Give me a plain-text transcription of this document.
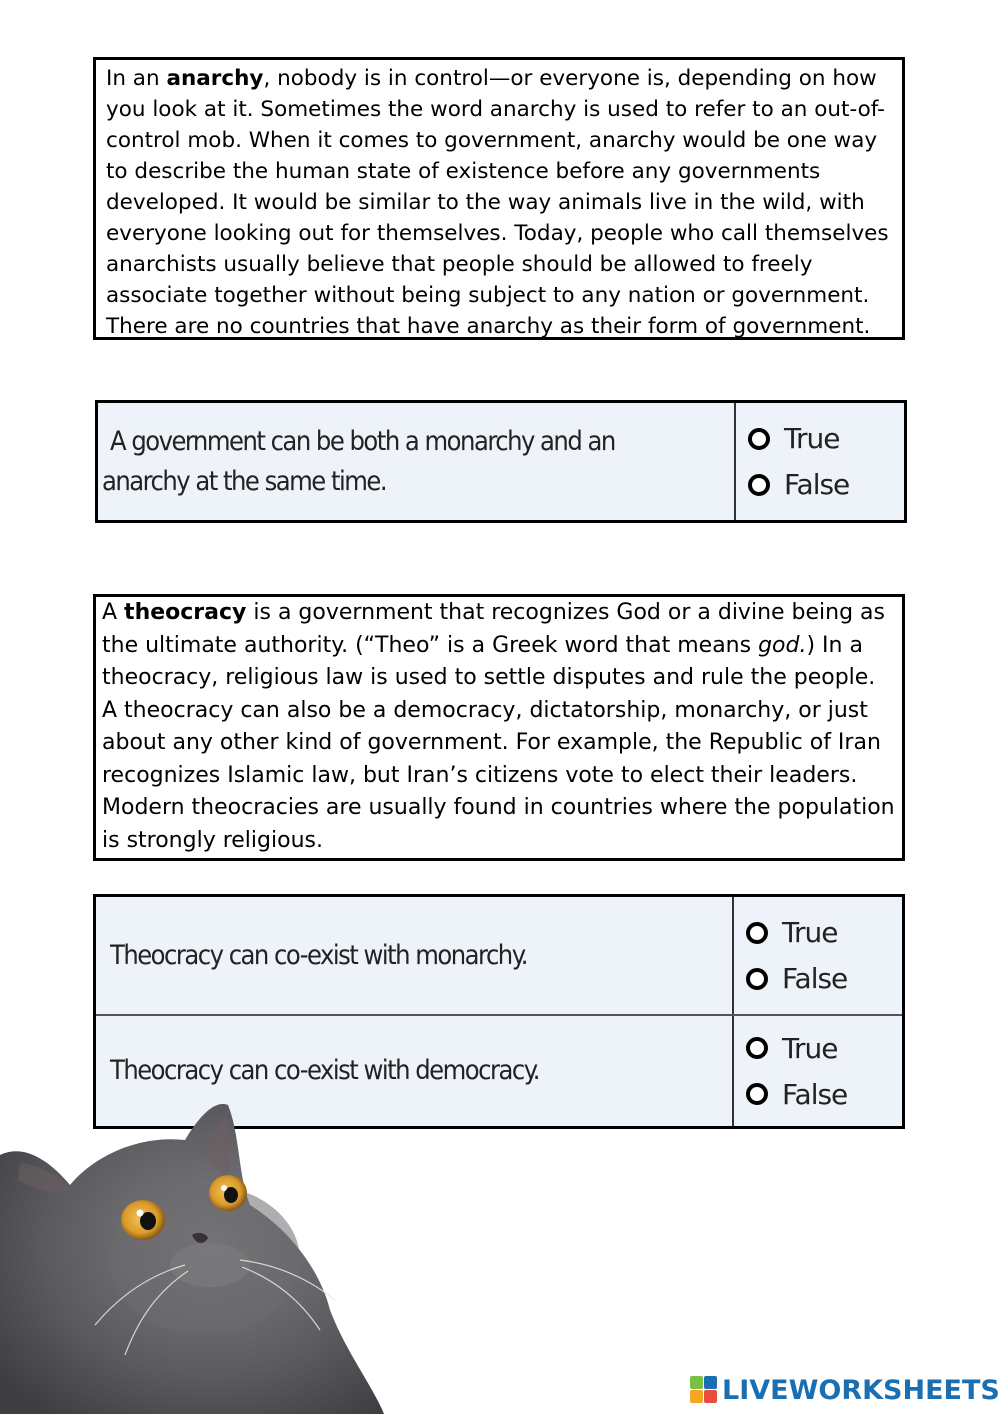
In an anarchy, nobody is in control—or everyone is, depending on how you look at it. Sometimes the word anarchy is used to refer to an out-of-control mob. When it comes to government, anarchy would be one way to describe the human state of existence before any governments developed. It would be similar to the way animals live in the wild, with everyone looking out for themselves. Today, people who call themselves anarchists usually believe that people should be allowed to freely associate together without being subject to any nation or government. There are no countries that have anarchy as their form of government.

A government can be both a monarchy and an
anarchy at the same time.
True
False

A theocracy is a government that recognizes God or a divine being as the ultimate authority. (“Theo” is a Greek word that means god.) In a theocracy, religious law is used to settle disputes and rule the people. A theocracy can also be a democracy, dictatorship, monarchy, or just about any other kind of government. For example, the Republic of Iran recognizes Islamic law, but Iran’s citizens vote to elect their leaders. Modern theocracies are usually found in countries where the population is strongly religious.

Theocracy can co-exist with monarchy.
True
False
Theocracy can co-exist with democracy.
True
False
LIVEWORKSHEETS
